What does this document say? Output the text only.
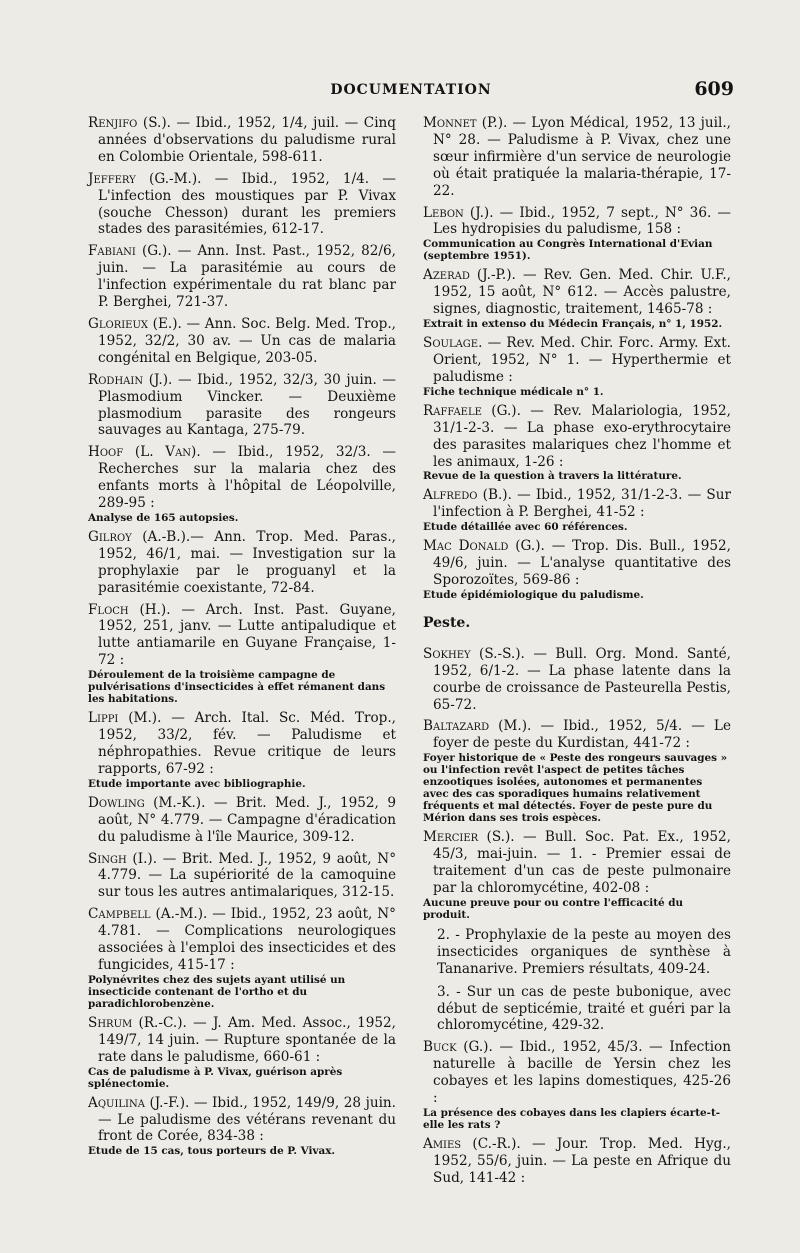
DOCUMENTATION	609
Renjifo (S.). — Ibid., 1952, 1/4, juil. — Cinq années d'observations du paludisme rural en Colombie Orientale, 598-611.
Jeffery (G.-M.). — Ibid., 1952, 1/4. — L'infection des moustiques par P. Vivax (souche Chesson) durant les premiers stades des parasitémies, 612-17.
Fabiani (G.). — Ann. Inst. Past., 1952, 82/6, juin. — La parasitémie au cours de l'infection expérimentale du rat blanc par P. Berghei, 721-37.
Glorieux (E.). — Ann. Soc. Belg. Med. Trop., 1952, 32/2, 30 av. — Un cas de malaria congénital en Belgique, 203-05.
Rodhain (J.). — Ibid., 1952, 32/3, 30 juin. — Plasmodium Vincker. — Deuxième plasmodium parasite des rongeurs sauvages au Kantaga, 275-79.
Hoof (L. Van). — Ibid., 1952, 32/3. — Recherches sur la malaria chez des enfants morts à l'hôpital de Léopolville, 289-95 :
Analyse de 165 autopsies.
Gilroy (A.-B.).— Ann. Trop. Med. Paras., 1952, 46/1, mai. — Investigation sur la prophylaxie par le proguanyl et la parasitémie coexistante, 72-84.
Floch (H.). — Arch. Inst. Past. Guyane, 1952, 251, janv. — Lutte antipaludique et lutte antiamarile en Guyane Française, 1-72 :
Déroulement de la troisième campagne de pulvérisations d'insecticides à effet rémanent dans les habitations.
Lippi (M.). — Arch. Ital. Sc. Méd. Trop., 1952, 33/2, fév. — Paludisme et néphropathies. Revue critique de leurs rapports, 67-92 :
Etude importante avec bibliographie.
Dowling (M.-K.). — Brit. Med. J., 1952, 9 août, N° 4.779. — Campagne d'éradication du paludisme à l'île Maurice, 309-12.
Singh (I.). — Brit. Med. J., 1952, 9 août, N° 4.779. — La supériorité de la camoquine sur tous les autres antimalariques, 312-15.
Campbell (A.-M.). — Ibid., 1952, 23 août, N° 4.781. — Complications neurologiques associées à l'emploi des insecticides et des fungicides, 415-17 :
Polynévrites chez des sujets ayant utilisé un insecticide contenant de l'ortho et du paradichlorobenzène.
Shrum (R.-C.). — J. Am. Med. Assoc., 1952, 149/7, 14 juin. — Rupture spontanée de la rate dans le paludisme, 660-61 :
Cas de paludisme à P. Vivax, guérison après splénectomie.
Aquilina (J.-F.). — Ibid., 1952, 149/9, 28 juin. — Le paludisme des vétérans revenant du front de Corée, 834-38 :
Etude de 15 cas, tous porteurs de P. Vivax.
Monnet (P.). — Lyon Médical, 1952, 13 juil., N° 28. — Paludisme à P. Vivax, chez une sœur infirmière d'un service de neurologie où était pratiquée la malaria-thérapie, 17-22.
Lebon (J.). — Ibid., 1952, 7 sept., N° 36. — Les hydropisies du paludisme, 158 :
Communication au Congrès International d'Evian (septembre 1951).
Azerad (J.-P.). — Rev. Gen. Med. Chir. U.F., 1952, 15 août, N° 612. — Accès palustre, signes, diagnostic, traitement, 1465-78 :
Extrait in extenso du Médecin Français, n° 1, 1952.
Soulage. — Rev. Med. Chir. Forc. Army. Ext. Orient, 1952, N° 1. — Hyperthermie et paludisme :
Fiche technique médicale n° 1.
Raffaele (G.). — Rev. Malariologia, 1952, 31/1-2-3. — La phase exo-erythrocytaire des parasites malariques chez l'homme et les animaux, 1-26 :
Revue de la question à travers la littérature.
Alfredo (B.). — Ibid., 1952, 31/1-2-3. — Sur l'infection à P. Berghei, 41-52 :
Etude détaillée avec 60 références.
Mac Donald (G.). — Trop. Dis. Bull., 1952, 49/6, juin. — L'analyse quantitative des Sporozoïtes, 569-86 :
Etude épidémiologique du paludisme.
Peste.
Sokhey (S.-S.). — Bull. Org. Mond. Santé, 1952, 6/1-2. — La phase latente dans la courbe de croissance de Pasteurella Pestis, 65-72.
Baltazard (M.). — Ibid., 1952, 5/4. — Le foyer de peste du Kurdistan, 441-72 :
Foyer historique de « Peste des rongeurs sauvages » ou l'infection revêt l'aspect de petites tâches enzootiques isolées, autonomes et permanentes avec des cas sporadiques humains relativement fréquents et mal détectés. Foyer de peste pure du Mérion dans ses trois espèces.
Mercier (S.). — Bull. Soc. Pat. Ex., 1952, 45/3, mai-juin. — 1. - Premier essai de traitement d'un cas de peste pulmonaire par la chloromycétine, 402-08 :
Aucune preuve pour ou contre l'efficacité du produit.
2. - Prophylaxie de la peste au moyen des insecticides organiques de synthèse à Tananarive. Premiers résultats, 409-24.
3. - Sur un cas de peste bubonique, avec début de septicémie, traité et guéri par la chloromycétine, 429-32.
Buck (G.). — Ibid., 1952, 45/3. — Infection naturelle à bacille de Yersin chez les cobayes et les lapins domestiques, 425-26 :
La présence des cobayes dans les clapiers écarte-t-elle les rats ?
Amies (C.-R.). — Jour. Trop. Med. Hyg., 1952, 55/6, juin. — La peste en Afrique du Sud, 141-42 :
